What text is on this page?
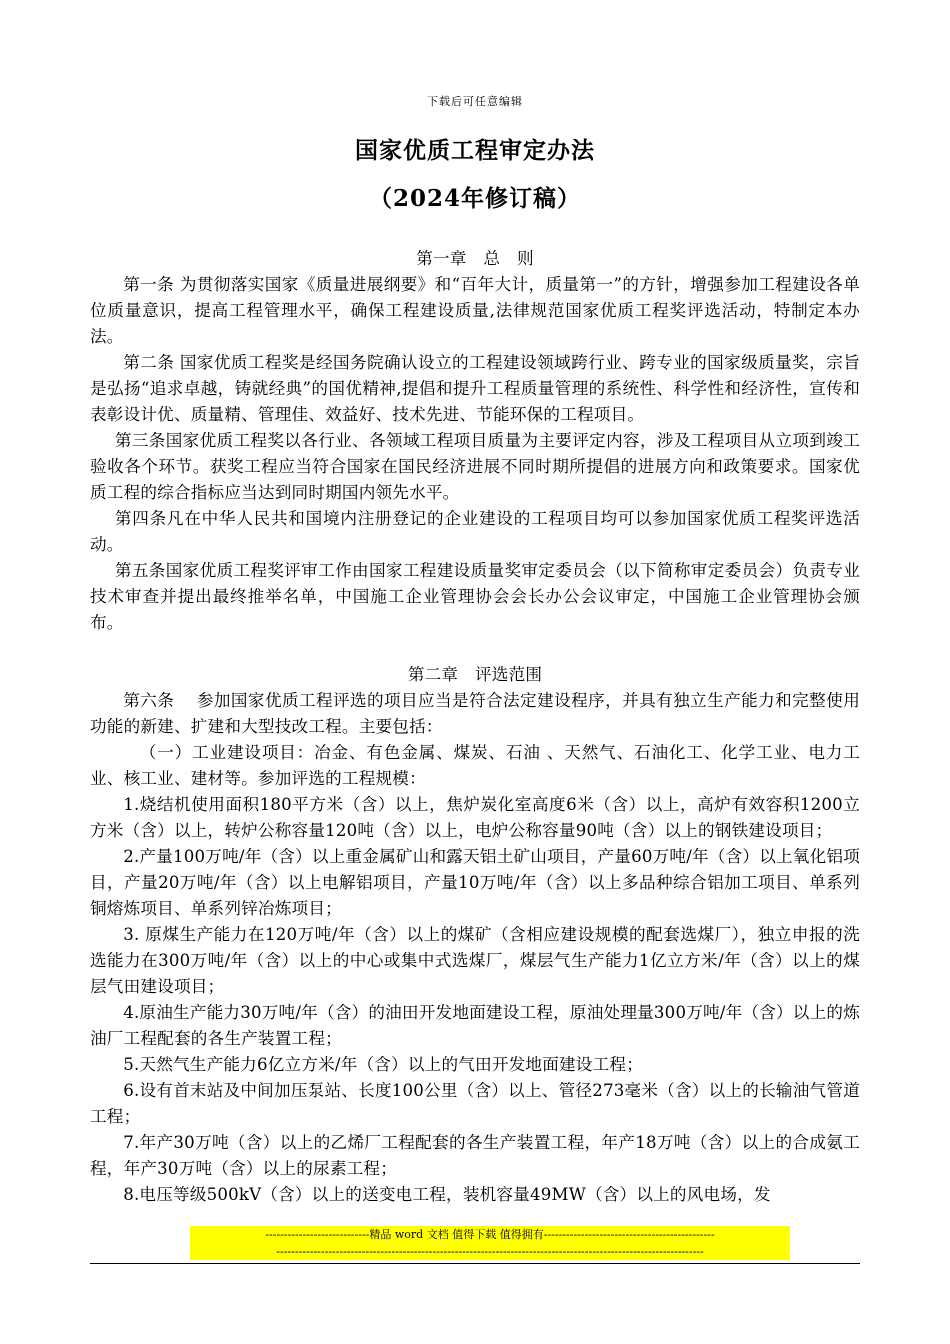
下载后可任意编辑
国家优质工程审定办法
（2024年修订稿）

第一章　总　则

第一条 为贯彻落实国家《质量进展纲要》和“百年大计，质量第一”的方针，增强参加工程建设各单位质量意识，提高工程管理水平，确保工程建设质量,法律规范国家优质工程奖评选活动，特制定本办法。

第二条 国家优质工程奖是经国务院确认设立的工程建设领域跨行业、跨专业的国家级质量奖，宗旨是弘扬“追求卓越，铸就经典”的国优精神,提倡和提升工程质量管理的系统性、科学性和经济性，宣传和表彰设计优、质量精、管理佳、效益好、技术先进、节能环保的工程项目。

第三条国家优质工程奖以各行业、各领域工程项目质量为主要评定内容，涉及工程项目从立项到竣工验收各个环节。获奖工程应当符合国家在国民经济进展不同时期所提倡的进展方向和政策要求。国家优质工程的综合指标应当达到同时期国内领先水平。

第四条凡在中华人民共和国境内注册登记的企业建设的工程项目均可以参加国家优质工程奖评选活动。

第五条国家优质工程奖评审工作由国家工程建设质量奖审定委员会（以下简称审定委员会）负责专业技术审查并提出最终推举名单，中国施工企业管理协会会长办公会议审定，中国施工企业管理协会颁布。

第二章　评选范围

第六条　 参加国家优质工程评选的项目应当是符合法定建设程序，并具有独立生产能力和完整使用功能的新建、扩建和大型技改工程。主要包括：

（一）工业建设项目：冶金、有色金属、煤炭、石油 、天然气、石油化工、化学工业、电力工业、核工业、建材等。参加评选的工程规模：

1.烧结机使用面积180平方米（含）以上，焦炉炭化室高度6米（含）以上，高炉有效容积1200立方米（含）以上，转炉公称容量120吨（含）以上，电炉公称容量90吨（含）以上的钢铁建设项目；

2.产量100万吨/年（含）以上重金属矿山和露天铝土矿山项目，产量60万吨/年（含）以上氧化铝项目，产量20万吨/年（含）以上电解铝项目，产量10万吨/年（含）以上多品种综合铝加工项目、单系列铜熔炼项目、单系列锌冶炼项目；

3. 原煤生产能力在120万吨/年（含）以上的煤矿（含相应建设规模的配套选煤厂），独立申报的洗选能力在300万吨/年（含）以上的中心或集中式选煤厂，煤层气生产能力1亿立方米/年（含）以上的煤层气田建设项目；

4.原油生产能力30万吨/年（含）的油田开发地面建设工程，原油处理量300万吨/年（含）以上的炼油厂工程配套的各生产装置工程；

5.天然气生产能力6亿立方米/年（含）以上的气田开发地面建设工程；

6.设有首末站及中间加压泵站、长度100公里（含）以上、管径273毫米（含）以上的长输油气管道工程；

7.年产30万吨（含）以上的乙烯厂工程配套的各生产装置工程，年产18万吨（含）以上的合成氨工程，年产30万吨（含）以上的尿素工程；

8.电压等级500kV（含）以上的送变电工程，装机容量49MW（含）以上的风电场，发

----------------------------精品 word 文档 值得下载 值得拥有----------------------------------------------
-------------------------------------------------------------------------------------------------------------------
